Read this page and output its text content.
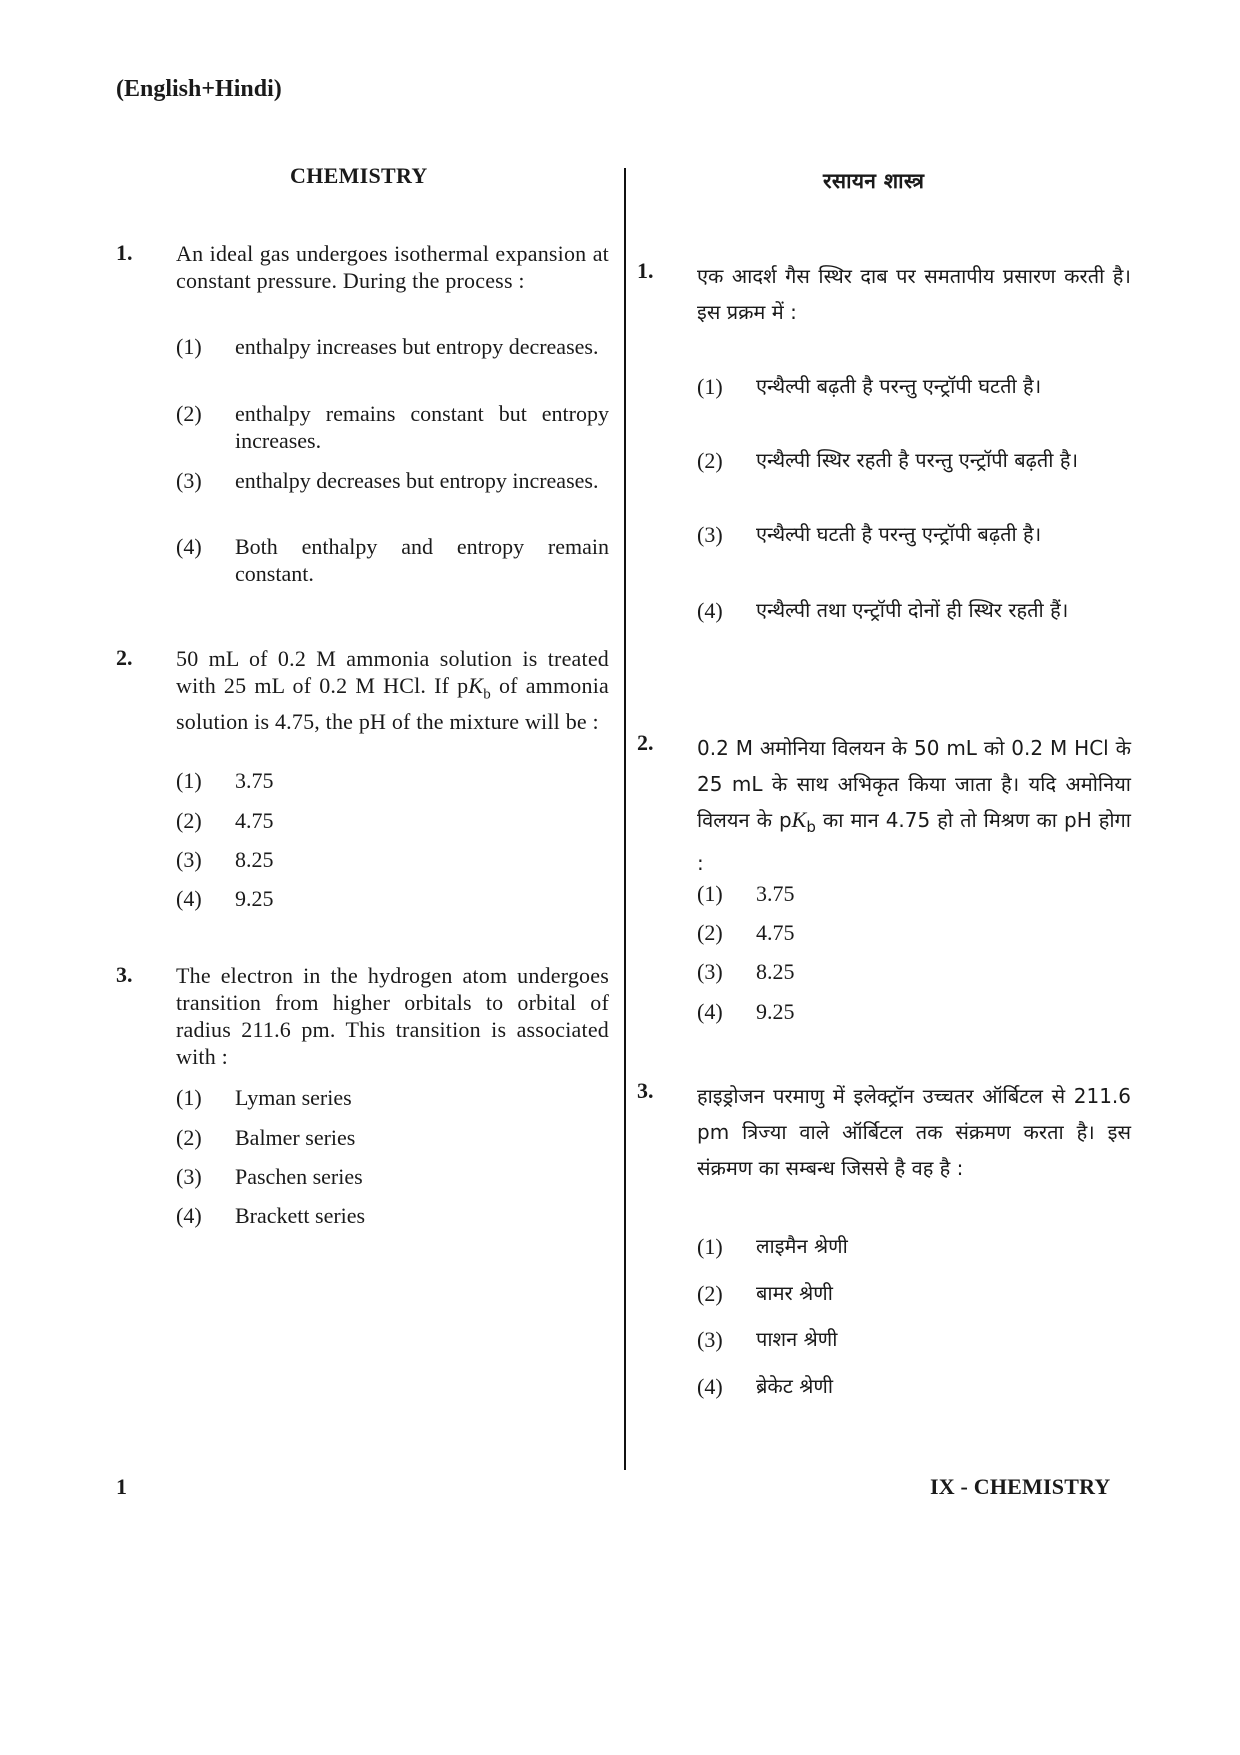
(English+Hindi)
CHEMISTRY	रसायन शास्त्र
1. An ideal gas undergoes isothermal expansion at constant pressure. During the process :
(1) enthalpy increases but entropy decreases.
(2) enthalpy remains constant but entropy increases.
(3) enthalpy decreases but entropy increases.
(4) Both enthalpy and entropy remain constant.
2. 50 mL of 0.2 M ammonia solution is treated with 25 mL of 0.2 M HCl. If $pK_b$ of ammonia solution is 4.75, the pH of the mixture will be :
(1) 3.75
(2) 4.75
(3) 8.25
(4) 9.25
3. The electron in the hydrogen atom undergoes transition from higher orbitals to orbital of radius 211.6 pm. This transition is associated with :
(1) Lyman series
(2) Balmer series
(3) Paschen series
(4) Brackett series
1. एक आदर्श गैस स्थिर दाब पर समतापीय प्रसारण करती है। इस प्रक्रम में :
(1) एन्थैल्पी बढ़ती है परन्तु एन्ट्रॉपी घटती है।
(2) एन्थैल्पी स्थिर रहती है परन्तु एन्ट्रॉपी बढ़ती है।
(3) एन्थैल्पी घटती है परन्तु एन्ट्रॉपी बढ़ती है।
(4) एन्थैल्पी तथा एन्ट्रॉपी दोनों ही स्थिर रहती हैं।
2. 0.2 M अमोनिया विलयन के 50 mL को 0.2 M HCl के 25 mL के साथ अभिकृत किया जाता है। यदि अमोनिया विलयन के $pK_b$ का मान 4.75 हो तो मिश्रण का pH होगा :
(1) 3.75
(2) 4.75
(3) 8.25
(4) 9.25
3. हाइड्रोजन परमाणु में इलेक्ट्रॉन उच्चतर ऑर्बिटल से 211.6 pm त्रिज्या वाले ऑर्बिटल तक संक्रमण करता है। इस संक्रमण का सम्बन्ध जिससे है वह है :
(1) लाइमैन श्रेणी
(2) बामर श्रेणी
(3) पाशन श्रेणी
(4) ब्रेकेट श्रेणी
1	IX - CHEMISTRY
